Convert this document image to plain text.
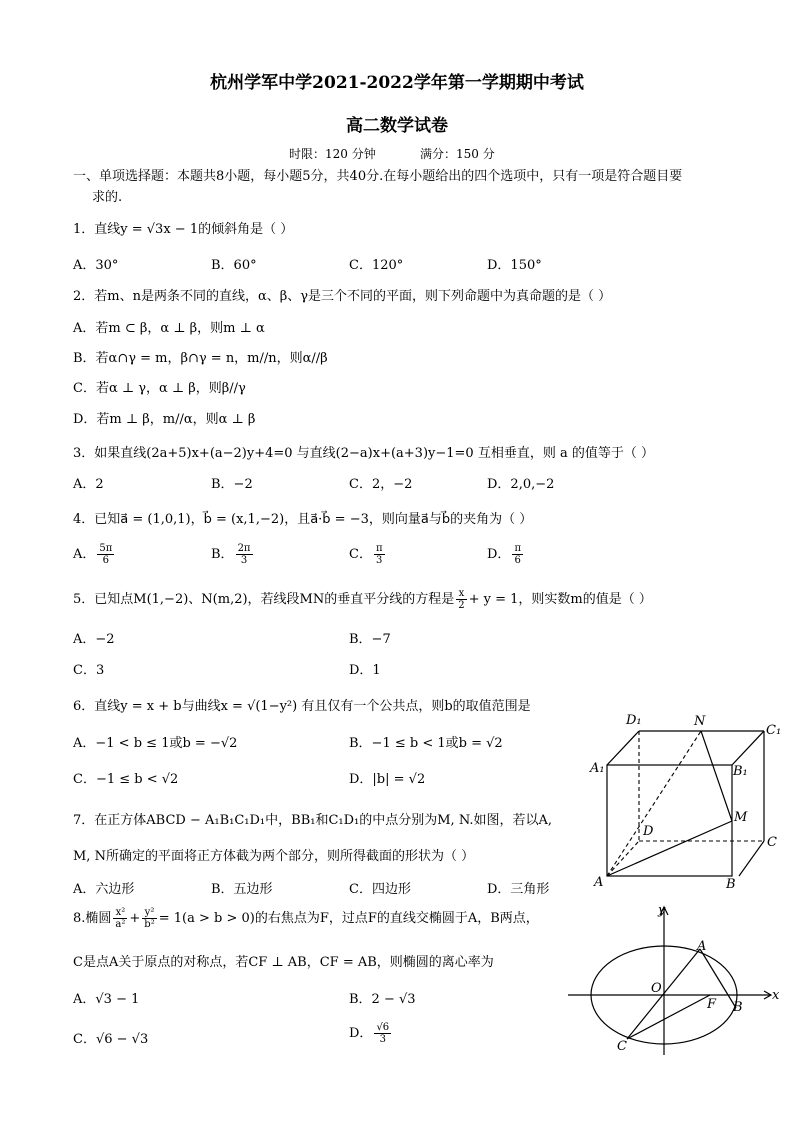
杭州学军中学2021-2022学年第一学期期中考试
高二数学试卷
时限：120 分钟	满分：150 分
一、单项选择题：本题共8小题，每小题5分，共40分.在每小题给出的四个选项中，只有一项是符合题目要
求的.
1．直线y = √3x − 1的倾斜角是（ ）
A．30°	B．60°	C．120°	D．150°
2．若m、n是两条不同的直线，α、β、γ是三个不同的平面，则下列命题中为真命题的是（ ）
A．若m ⊂ β，α ⊥ β，则m ⊥ α
B．若α∩γ = m，β∩γ = n，m//n，则α//β
C．若α ⊥ γ，α ⊥ β，则β//γ
D．若m ⊥ β，m//α，则α ⊥ β
3．如果直线(2a+5)x+(a−2)y+4=0 与直线(2−a)x+(a+3)y−1=0 互相垂直，则 a 的值等于（ ）
A．2	B．−2	C．2，−2	D．2,0,−2
4．已知a⃗ = (1,0,1)，b⃗ = (x,1,−2)，且a⃗·b⃗ = −3，则向量a⃗与b⃗的夹角为（ ）
A． $\frac{5\pi}{6}$	B． $\frac{2\pi}{3}$	C． $\frac{\pi}{3}$	D． $\frac{\pi}{6}$
5．已知点M(1,−2)、N(m,2)，若线段MN的垂直平分线的方程是 $\frac{x}{2} + y = 1$，则实数m的值是（ ）
A．−2	B．−7
C．3	D．1
6．直线y = x + b与曲线x = √(1−y²) 有且仅有一个公共点，则b的取值范围是
A．−1 < b ≤ 1或b = −√2	B．−1 ≤ b < 1或b = √2
C．−1 ≤ b < √2	D．|b| = √2
7．在正方体ABCD − A₁B₁C₁D₁中，BB₁和C₁D₁的中点分别为M, N.如图，若以A,
M, N所确定的平面将正方体截为两个部分，则所得截面的形状为（ ）
A．六边形	B．五边形	C．四边形	D．三角形
8.椭圆 $\frac{\text{x²}}{\text{a²}} + \frac{\text{y²}}{\text{b²}} = 1(a > b > 0)$的右焦点为F，过点F的直线交椭圆于A，B两点，
C是点A关于原点的对称点，若CF ⊥ AB，CF = AB，则椭圆的离心率为
A．√3 − 1	B．2 − √3
C．√6 − √3	D． $\frac{√6}{3}$
D₁	N
C₁
A₁	B₁
M
D
C
A	B
y
x
O
A
F B
C
